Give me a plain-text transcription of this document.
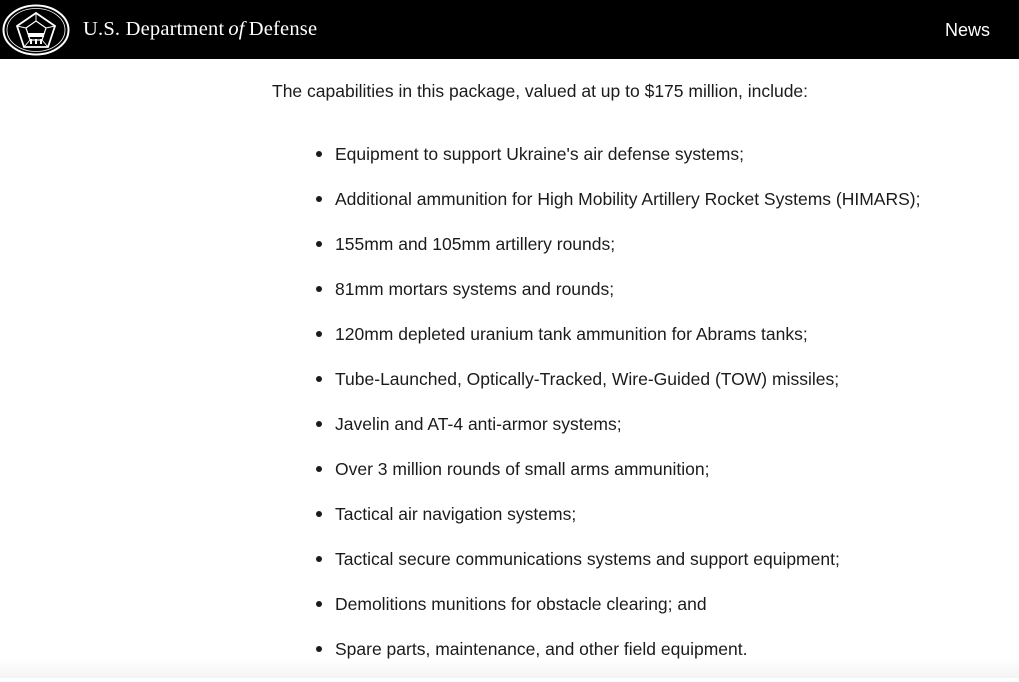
U.S. Department of Defense	News

The capabilities in this package, valued at up to $175 million, include:

Equipment to support Ukraine's air defense systems;
Additional ammunition for High Mobility Artillery Rocket Systems (HIMARS);
155mm and 105mm artillery rounds;
81mm mortars systems and rounds;
120mm depleted uranium tank ammunition for Abrams tanks;
Tube-Launched, Optically-Tracked, Wire-Guided (TOW) missiles;
Javelin and AT-4 anti-armor systems;
Over 3 million rounds of small arms ammunition;
Tactical air navigation systems;
Tactical secure communications systems and support equipment;
Demolitions munitions for obstacle clearing; and
Spare parts, maintenance, and other field equipment.
